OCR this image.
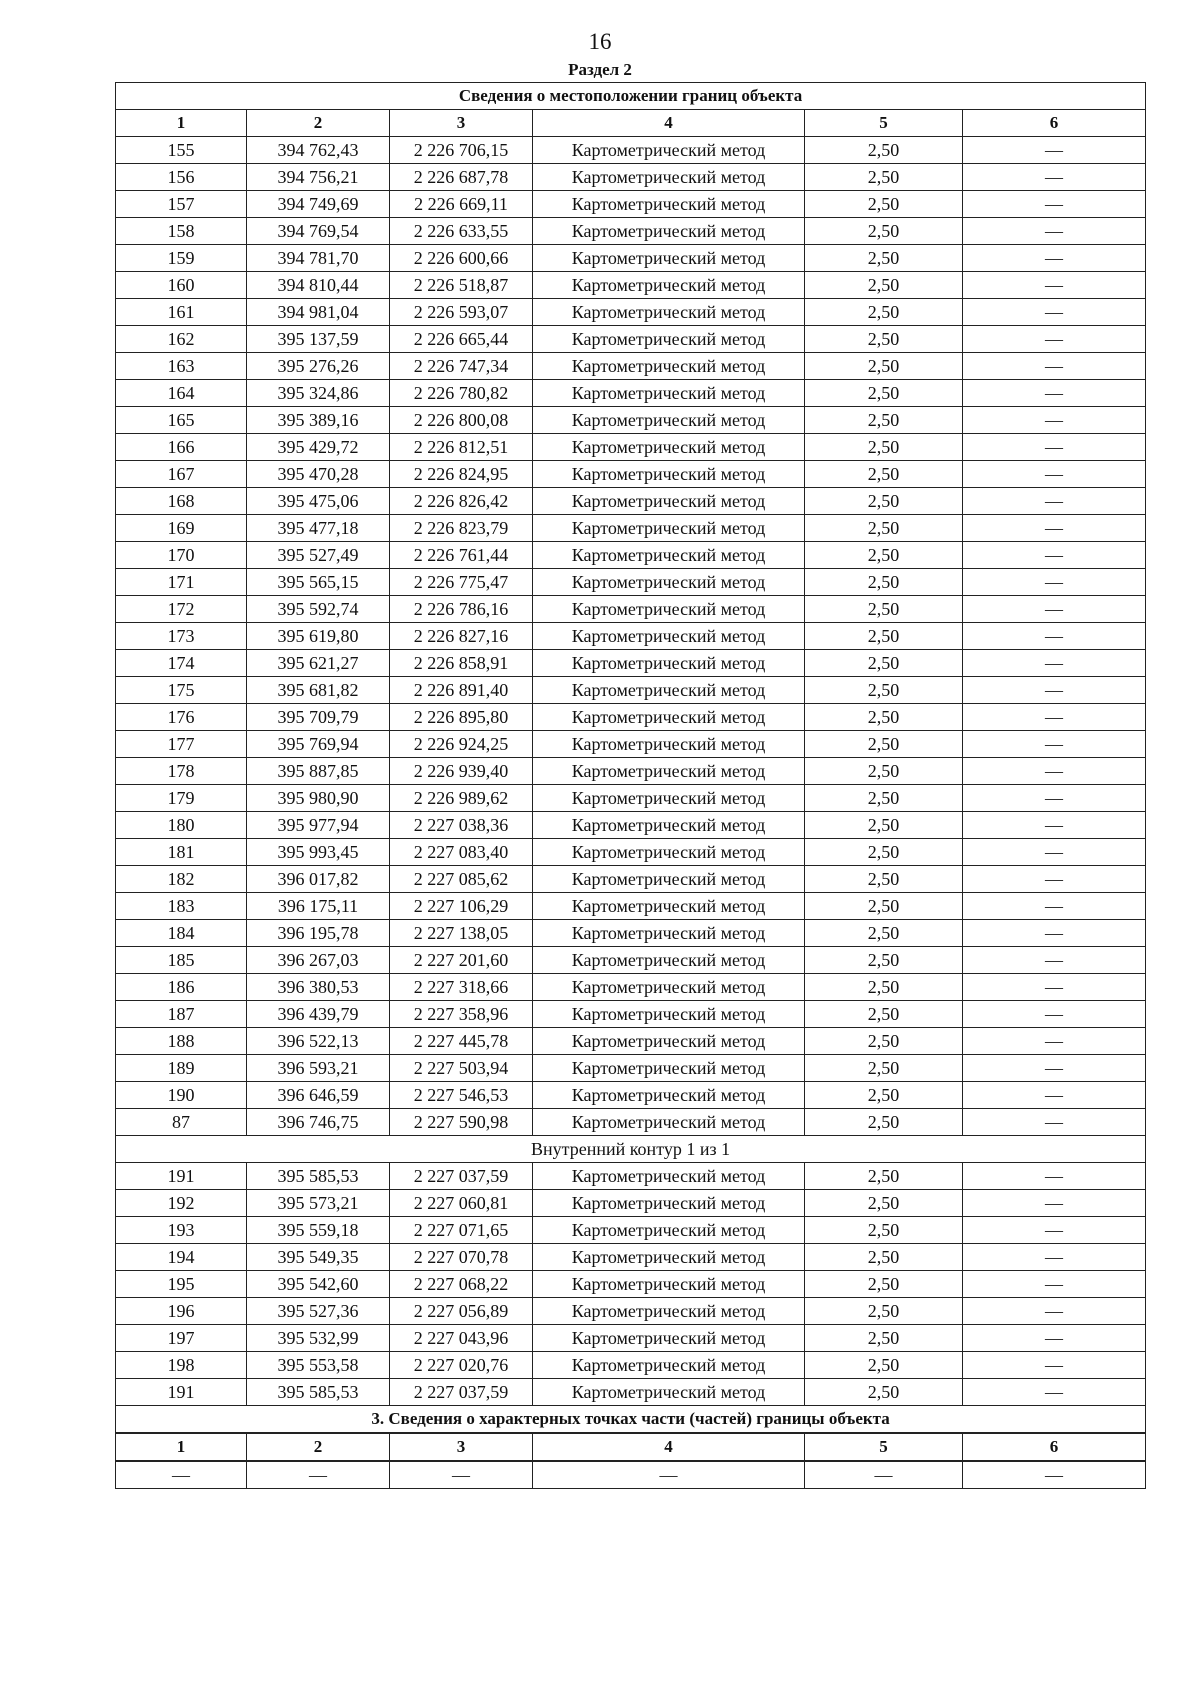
16
Раздел 2
Сведения о местоположении границ объекта					
1	2	3	4	5	6
155	394 762,43	2 226 706,15	Картометрический метод	2,50	—
156	394 756,21	2 226 687,78	Картометрический метод	2,50	—
157	394 749,69	2 226 669,11	Картометрический метод	2,50	—
158	394 769,54	2 226 633,55	Картометрический метод	2,50	—
159	394 781,70	2 226 600,66	Картометрический метод	2,50	—
160	394 810,44	2 226 518,87	Картометрический метод	2,50	—
161	394 981,04	2 226 593,07	Картометрический метод	2,50	—
162	395 137,59	2 226 665,44	Картометрический метод	2,50	—
163	395 276,26	2 226 747,34	Картометрический метод	2,50	—
164	395 324,86	2 226 780,82	Картометрический метод	2,50	—
165	395 389,16	2 226 800,08	Картометрический метод	2,50	—
166	395 429,72	2 226 812,51	Картометрический метод	2,50	—
167	395 470,28	2 226 824,95	Картометрический метод	2,50	—
168	395 475,06	2 226 826,42	Картометрический метод	2,50	—
169	395 477,18	2 226 823,79	Картометрический метод	2,50	—
170	395 527,49	2 226 761,44	Картометрический метод	2,50	—
171	395 565,15	2 226 775,47	Картометрический метод	2,50	—
172	395 592,74	2 226 786,16	Картометрический метод	2,50	—
173	395 619,80	2 226 827,16	Картометрический метод	2,50	—
174	395 621,27	2 226 858,91	Картометрический метод	2,50	—
175	395 681,82	2 226 891,40	Картометрический метод	2,50	—
176	395 709,79	2 226 895,80	Картометрический метод	2,50	—
177	395 769,94	2 226 924,25	Картометрический метод	2,50	—
178	395 887,85	2 226 939,40	Картометрический метод	2,50	—
179	395 980,90	2 226 989,62	Картометрический метод	2,50	—
180	395 977,94	2 227 038,36	Картометрический метод	2,50	—
181	395 993,45	2 227 083,40	Картометрический метод	2,50	—
182	396 017,82	2 227 085,62	Картометрический метод	2,50	—
183	396 175,11	2 227 106,29	Картометрический метод	2,50	—
184	396 195,78	2 227 138,05	Картометрический метод	2,50	—
185	396 267,03	2 227 201,60	Картометрический метод	2,50	—
186	396 380,53	2 227 318,66	Картометрический метод	2,50	—
187	396 439,79	2 227 358,96	Картометрический метод	2,50	—
188	396 522,13	2 227 445,78	Картометрический метод	2,50	—
189	396 593,21	2 227 503,94	Картометрический метод	2,50	—
190	396 646,59	2 227 546,53	Картометрический метод	2,50	—
87	396 746,75	2 227 590,98	Картометрический метод	2,50	—
Внутренний контур 1 из 1					
191	395 585,53	2 227 037,59	Картометрический метод	2,50	—
192	395 573,21	2 227 060,81	Картометрический метод	2,50	—
193	395 559,18	2 227 071,65	Картометрический метод	2,50	—
194	395 549,35	2 227 070,78	Картометрический метод	2,50	—
195	395 542,60	2 227 068,22	Картометрический метод	2,50	—
196	395 527,36	2 227 056,89	Картометрический метод	2,50	—
197	395 532,99	2 227 043,96	Картометрический метод	2,50	—
198	395 553,58	2 227 020,76	Картометрический метод	2,50	—
191	395 585,53	2 227 037,59	Картометрический метод	2,50	—
3. Сведения о характерных точках части (частей) границы объекта					
1	2	3	4	5	6
—	—	—	—	—	—
